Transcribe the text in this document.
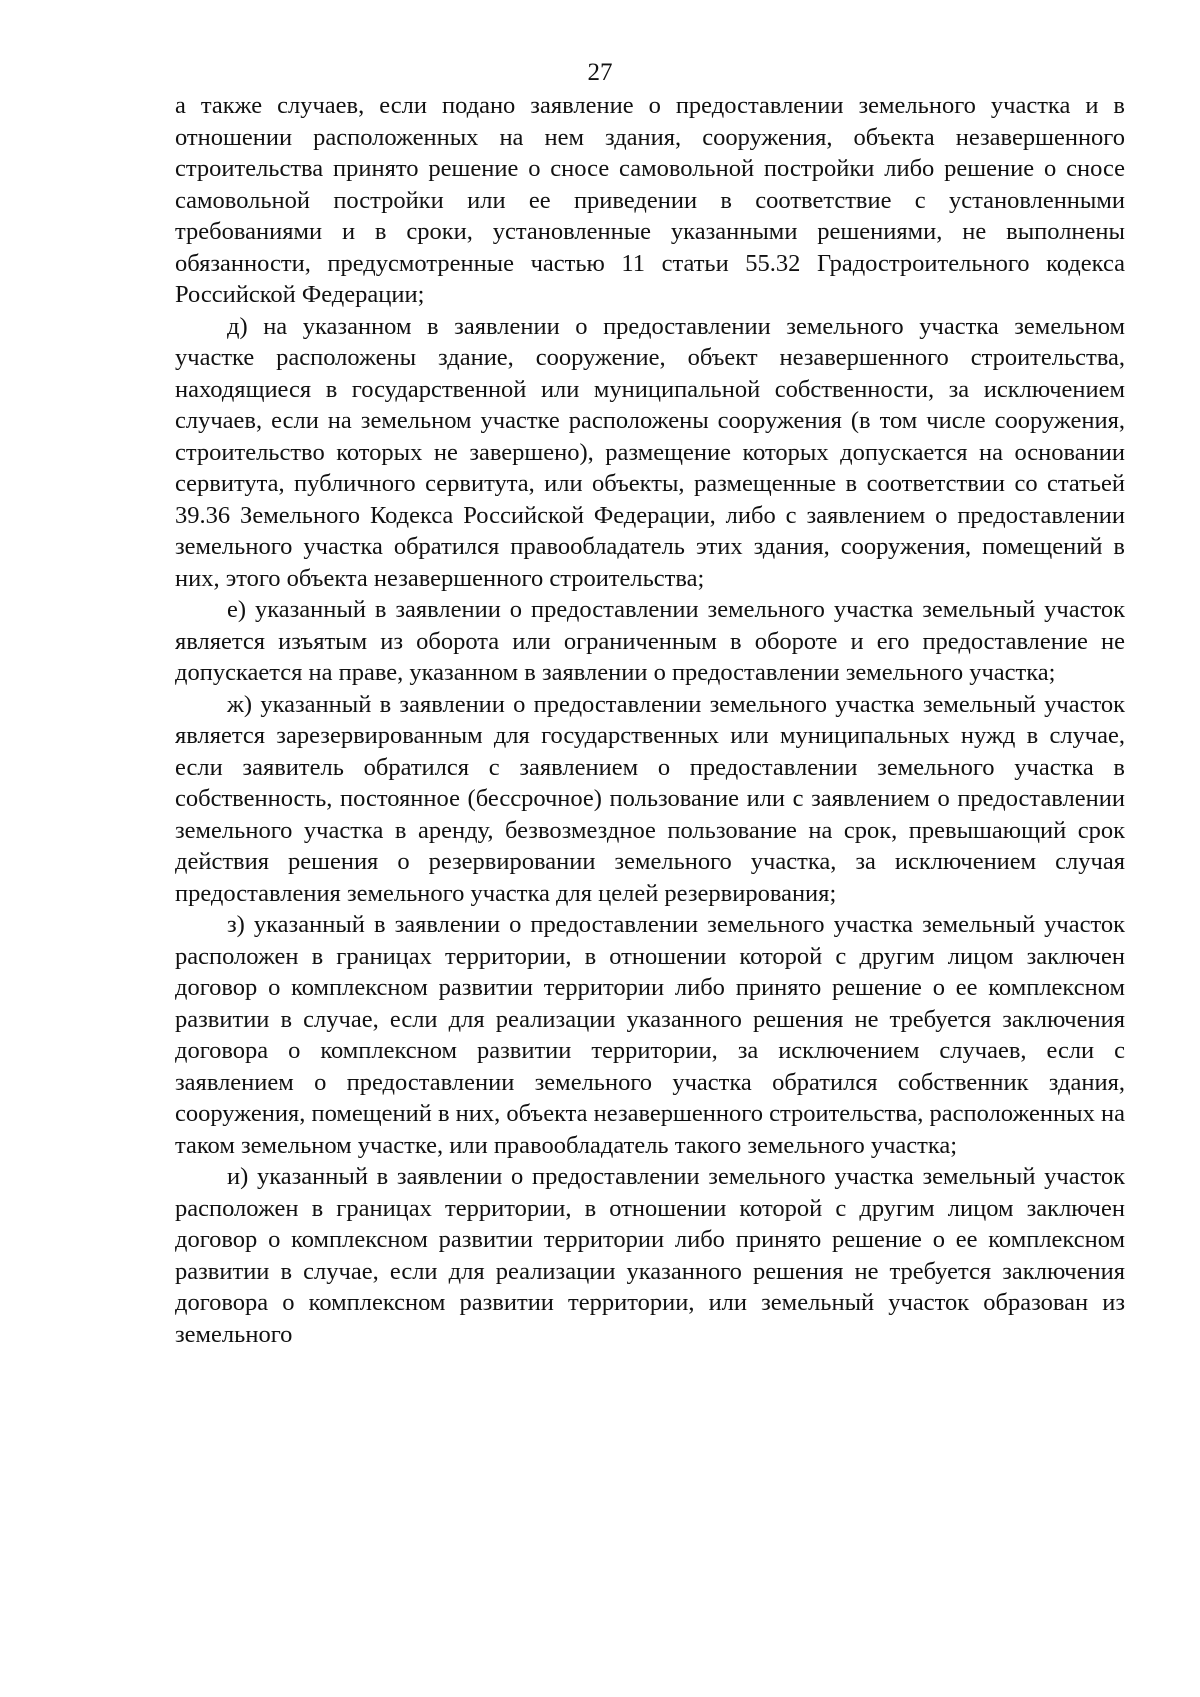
27

а также случаев, если подано заявление о предоставлении земельного участка и в отношении расположенных на нем здания, сооружения, объекта незавершенного строительства принято решение о сносе самовольной постройки либо решение о сносе самовольной постройки или ее приведении в соответствие с установленными требованиями и в сроки, установленные указанными решениями, не выполнены обязанности, предусмотренные частью 11 статьи 55.32 Градостроительного кодекса Российской Федерации;

д) на указанном в заявлении о предоставлении земельного участка земельном участке расположены здание, сооружение, объект незавершенного строительства, находящиеся в государственной или муниципальной собственности, за исключением случаев, если на земельном участке расположены сооружения (в том числе сооружения, строительство которых не завершено), размещение которых допускается на основании сервитута, публичного сервитута, или объекты, размещенные в соответствии со статьей 39.36 Земельного Кодекса Российской Федерации, либо с заявлением о предоставлении земельного участка обратился правообладатель этих здания, сооружения, помещений в них, этого объекта незавершенного строительства;

е) указанный в заявлении о предоставлении земельного участка земельный участок является изъятым из оборота или ограниченным в обороте и его предоставление не допускается на праве, указанном в заявлении о предоставлении земельного участка;

ж) указанный в заявлении о предоставлении земельного участка земельный участок является зарезервированным для государственных или муниципальных нужд в случае, если заявитель обратился с заявлением о предоставлении земельного участка в собственность, постоянное (бессрочное) пользование или с заявлением о предоставлении земельного участка в аренду, безвозмездное пользование на срок, превышающий срок действия решения о резервировании земельного участка, за исключением случая предоставления земельного участка для целей резервирования;

з) указанный в заявлении о предоставлении земельного участка земельный участок расположен в границах территории, в отношении которой с другим лицом заключен договор о комплексном развитии территории либо принято решение о ее комплексном развитии в случае, если для реализации указанного решения не требуется заключения договора о комплексном развитии территории, за исключением случаев, если с заявлением о предоставлении земельного участка обратился собственник здания, сооружения, помещений в них, объекта незавершенного строительства, расположенных на таком земельном участке, или правообладатель такого земельного участка;

и) указанный в заявлении о предоставлении земельного участка земельный участок расположен в границах территории, в отношении которой с другим лицом заключен договор о комплексном развитии территории либо принято решение о ее комплексном развитии в случае, если для реализации указанного решения не требуется заключения договора о комплексном развитии территории, или земельный участок образован из земельного
